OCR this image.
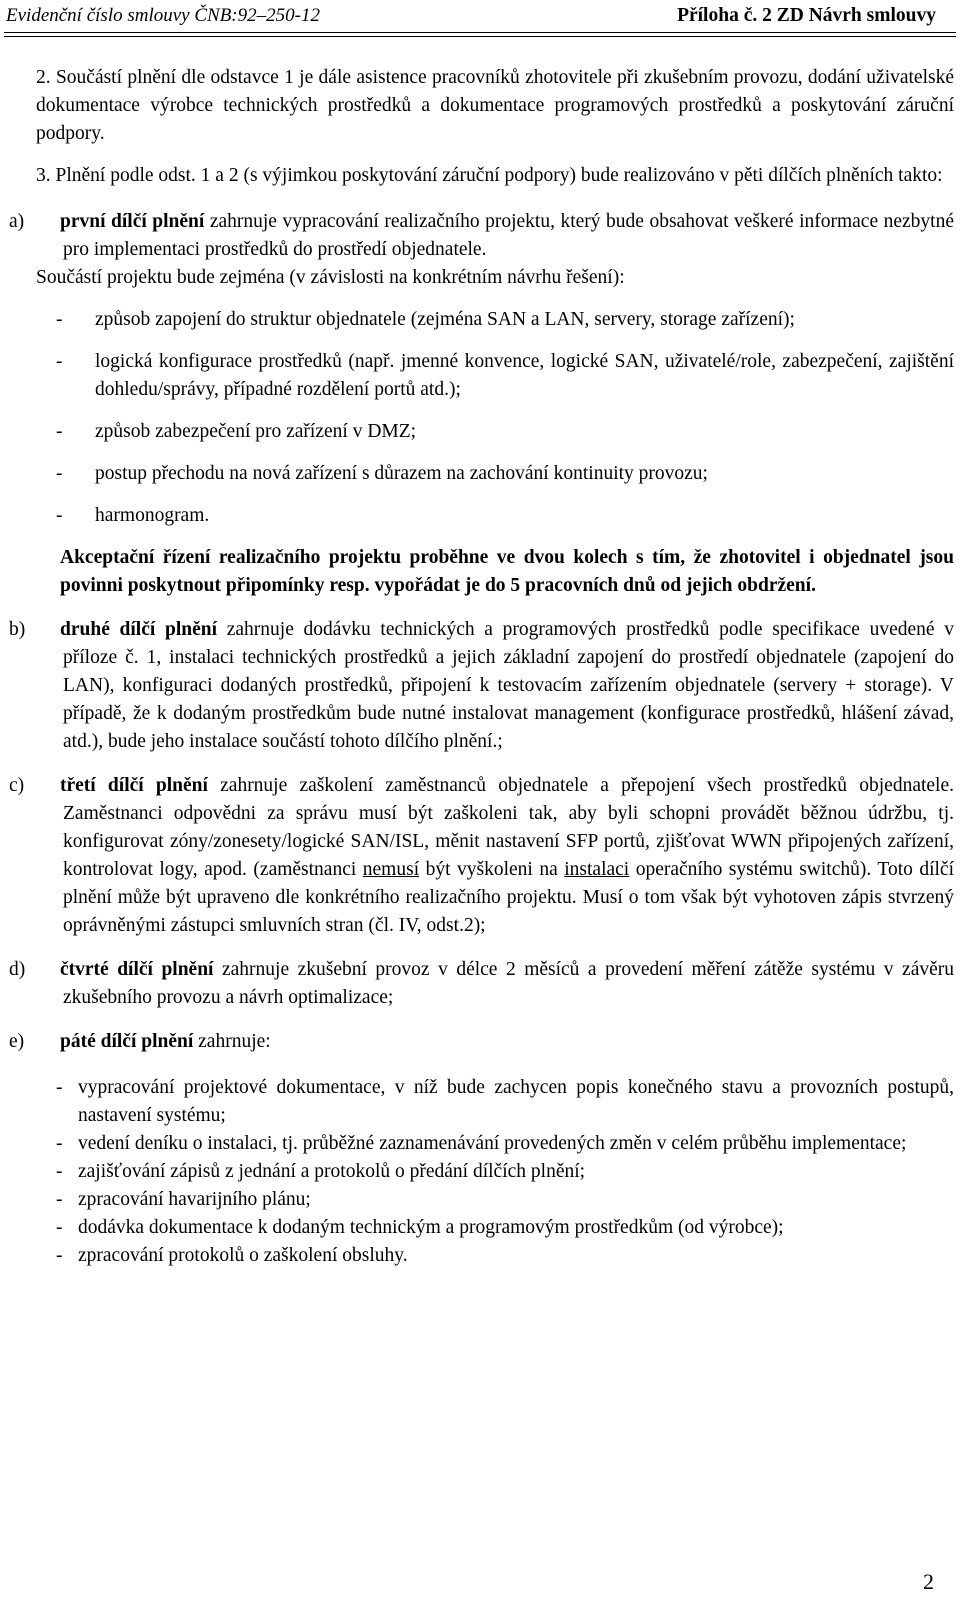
Evidenční číslo smlouvy ČNB:92–250-12	Příloha č. 2 ZD Návrh smlouvy

2. Součástí plnění dle odstavce 1 je dále asistence pracovníků zhotovitele při zkušebním provozu, dodání uživatelské dokumentace výrobce technických prostředků a dokumentace programových prostředků a poskytování záruční podpory.

3. Plnění podle odst. 1 a 2 (s výjimkou poskytování záruční podpory) bude realizováno v pěti dílčích plněních takto:

a) první dílčí plnění zahrnuje vypracování realizačního projektu, který bude obsahovat veškeré informace nezbytné pro implementaci prostředků do prostředí objednatele.

Součástí projektu bude zejména (v závislosti na konkrétním návrhu řešení):

-	způsob zapojení do struktur objednatele (zejména SAN a LAN, servery, storage zařízení);
-	logická konfigurace prostředků (např. jmenné konvence, logické SAN, uživatelé/role, zabezpečení, zajištění dohledu/správy, případné rozdělení portů atd.);
-	způsob zabezpečení pro zařízení v DMZ;
-	postup přechodu na nová zařízení s důrazem na zachování kontinuity provozu;
-	harmonogram.

Akceptační řízení realizačního projektu proběhne ve dvou kolech s tím, že zhotovitel i objednatel jsou povinni poskytnout připomínky resp. vypořádat je do 5 pracovních dnů od jejich obdržení.

b) druhé dílčí plnění zahrnuje dodávku technických a programových prostředků podle specifikace uvedené v příloze č. 1, instalaci technických prostředků a jejich základní zapojení do prostředí objednatele (zapojení do LAN), konfiguraci dodaných prostředků, připojení k testovacím zařízením objednatele (servery + storage). V případě, že k dodaným prostředkům bude nutné instalovat management (konfigurace prostředků, hlášení závad, atd.), bude jeho instalace součástí tohoto dílčího plnění.;

c) třetí dílčí plnění zahrnuje zaškolení zaměstnanců objednatele a přepojení všech prostředků objednatele. Zaměstnanci odpovědni za správu musí být zaškoleni tak, aby byli schopni provádět běžnou údržbu, tj. konfigurovat zóny/zonesety/logické SAN/ISL, měnit nastavení SFP portů, zjišťovat WWN připojených zařízení, kontrolovat logy, apod. (zaměstnanci nemusí být vyškoleni na instalaci operačního systému switchů). Toto dílčí plnění může být upraveno dle konkrétního realizačního projektu. Musí o tom však být vyhotoven zápis stvrzený oprávněnými zástupci smluvních stran (čl. IV, odst.2);

d) čtvrté dílčí plnění zahrnuje zkušební provoz v délce 2 měsíců a provedení měření zátěže systému v závěru zkušebního provozu a návrh optimalizace;

e) páté dílčí plnění zahrnuje:

- vypracování projektové dokumentace, v níž bude zachycen popis konečného stavu a provozních postupů, nastavení systému;
- vedení deníku o instalaci, tj. průběžné zaznamenávání provedených změn v celém průběhu implementace;
- zajišťování zápisů z jednání a protokolů o předání dílčích plnění;
- zpracování havarijního plánu;
- dodávka dokumentace k dodaným technickým a programovým prostředkům (od výrobce);
- zpracování protokolů o zaškolení obsluhy.
2
